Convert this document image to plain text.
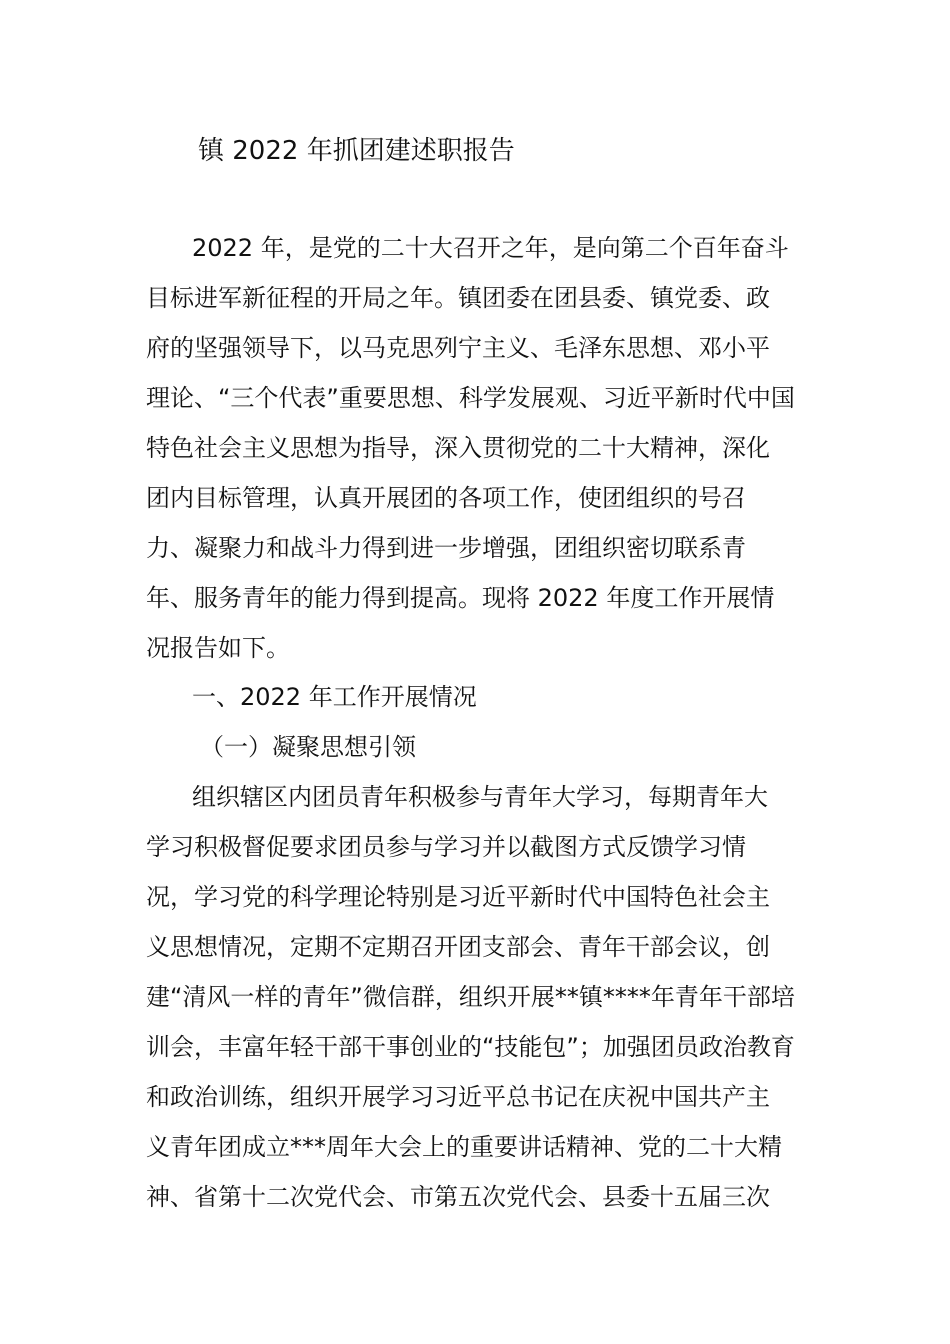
镇 2022 年抓团建述职报告

2022 年，是党的二十大召开之年，是向第二个百年奋斗

目标进军新征程的开局之年。镇团委在团县委、镇党委、政

府的坚强领导下，以马克思列宁主义、毛泽东思想、邓小平

理论、“三个代表”重要思想、科学发展观、习近平新时代中国

特色社会主义思想为指导，深入贯彻党的二十大精神，深化

团内目标管理，认真开展团的各项工作，使团组织的号召

力、凝聚力和战斗力得到进一步增强，团组织密切联系青

年、服务青年的能力得到提高。现将 2022 年度工作开展情

况报告如下。

一、2022 年工作开展情况

（一）凝聚思想引领

组织辖区内团员青年积极参与青年大学习，每期青年大

学习积极督促要求团员参与学习并以截图方式反馈学习情

况，学习党的科学理论特别是习近平新时代中国特色社会主

义思想情况，定期不定期召开团支部会、青年干部会议，创

建“清风一样的青年”微信群，组织开展**镇****年青年干部培

训会，丰富年轻干部干事创业的“技能包”；加强团员政治教育

和政治训练，组织开展学习习近平总书记在庆祝中国共产主

义青年团成立***周年大会上的重要讲话精神、党的二十大精

神、省第十二次党代会、市第五次党代会、县委十五届三次
